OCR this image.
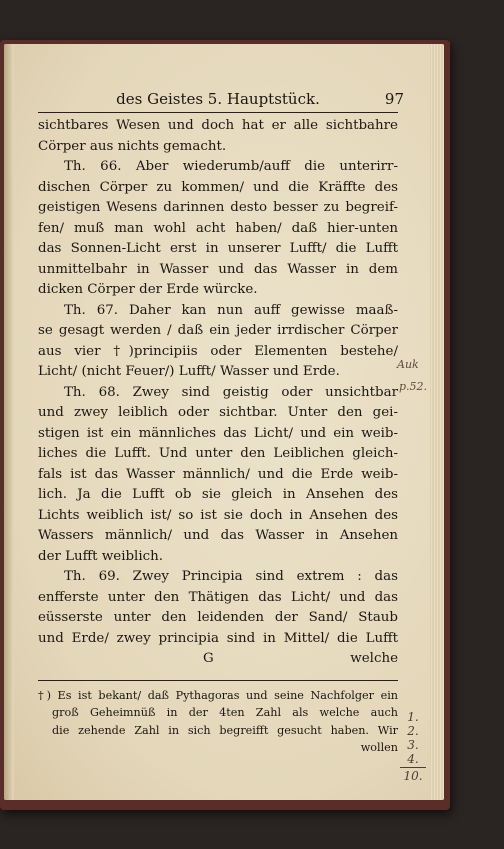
des Geistes 5. Hauptstück.	97
sichtbares Wesen und doch hat er alle sichtbahre
Cörper aus nichts gemacht.
Th. 66. Aber wiederumb/auff die unterirr-
dischen Cörper zu kommen/ und die Kräffte des
geistigen Wesens darinnen desto besser zu begreif-
fen/ muß man wohl acht haben/ daß hier-unten
das Sonnen-Licht erst in unserer Lufft/ die Lufft
unmittelbahr in Wasser und das Wasser in dem
dicken Cörper der Erde würcke.
Th. 67. Daher kan nun auff gewisse maaß-
se gesagt werden / daß ein jeder irrdischer Cörper
aus vier †)principiis oder Elementen bestehe/
Licht/ (nicht Feuer/) Lufft/ Wasser und Erde.
Th. 68. Zwey sind geistig oder unsichtbar
und zwey leiblich oder sichtbar. Unter den gei-
stigen ist ein männliches das Licht/ und ein weib-
liches die Lufft. Und unter den Leiblichen gleich-
fals ist das Wasser männlich/ und die Erde weib-
lich. Ja die Lufft ob sie gleich in Ansehen des
Lichts weiblich ist/ so ist sie doch in Ansehen des
Wassers männlich/ und das Wasser in Ansehen
der Lufft weiblich.
Th. 69. Zwey Principia sind extrem : das
enfferste unter den Thätigen das Licht/ und das
eüsserste unter den leidenden der Sand/ Staub
und Erde/ zwey principia sind in Mittel/ die Lufft
G	welche
†) Es ist bekant/ daß Pythagoras und seine Nachfolger ein
groß Geheimnüß in der 4ten Zahl als welche auch
die zehende Zahl in sich begreifft gesucht haben. Wir
wollen
Auk
p.52.
1.
2.
3.
4.
10.
